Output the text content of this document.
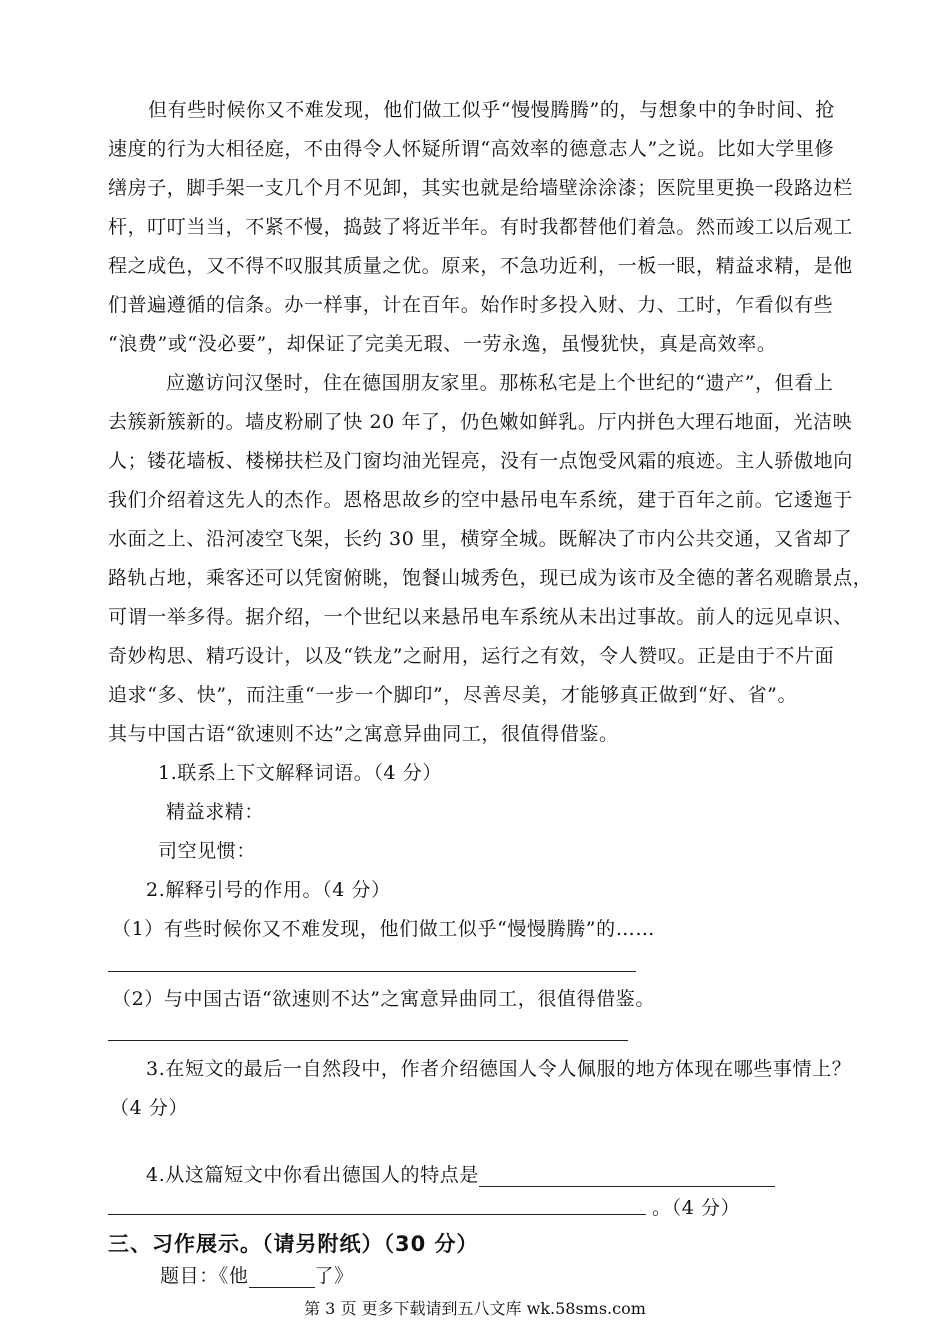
但有些时候你又不难发现，他们做工似乎“慢慢腾腾”的，与想象中的争时间、抢
速度的行为大相径庭，不由得令人怀疑所谓“高效率的德意志人”之说。比如大学里修
缮房子，脚手架一支几个月不见卸，其实也就是给墙壁涂涂漆；医院里更换一段路边栏
杆，叮叮当当，不紧不慢，捣鼓了将近半年。有时我都替他们着急。然而竣工以后观工
程之成色，又不得不叹服其质量之优。原来，不急功近利，一板一眼，精益求精，是他
们普遍遵循的信条。办一样事，计在百年。始作时多投入财、力、工时，乍看似有些
“浪费”或“没必要”，却保证了完美无瑕、一劳永逸，虽慢犹快，真是高效率。
应邀访问汉堡时，住在德国朋友家里。那栋私宅是上个世纪的“遗产”，但看上
去簇新簇新的。墙皮粉刷了快 20 年了，仍色嫩如鲜乳。厅内拼色大理石地面，光洁映
人；镂花墙板、楼梯扶栏及门窗均油光锃亮，没有一点饱受风霜的痕迹。主人骄傲地向
我们介绍着这先人的杰作。恩格思故乡的空中悬吊电车系统，建于百年之前。它逶迤于
水面之上、沿河凌空飞架，长约 30 里，横穿全城。既解决了市内公共交通，又省却了
路轨占地，乘客还可以凭窗俯眺，饱餐山城秀色，现已成为该市及全德的著名观瞻景点，
可谓一举多得。据介绍，一个世纪以来悬吊电车系统从未出过事故。前人的远见卓识、
奇妙构思、精巧设计，以及“铁龙”之耐用，运行之有效，令人赞叹。正是由于不片面
追求“多、快”，而注重“一步一个脚印”，尽善尽美，才能够真正做到“好、省”。
其与中国古语“欲速则不达”之寓意异曲同工，很值得借鉴。
1.联系上下文解释词语。（4 分）
精益求精：
司空见惯：
2.解释引号的作用。（4 分）
（1）有些时候你又不难发现，他们做工似乎“慢慢腾腾”的……
（2）与中国古语“欲速则不达”之寓意异曲同工，很值得借鉴。
3.在短文的最后一自然段中，作者介绍德国人令人佩服的地方体现在哪些事情上？
（4 分）
4.从这篇短文中你看出德国人的特点是
。（4 分）
三、习作展示。（请另附纸）（30 分）
题目：《他	了》
第 3 页 更多下载请到五八文库 wk.58sms.com
